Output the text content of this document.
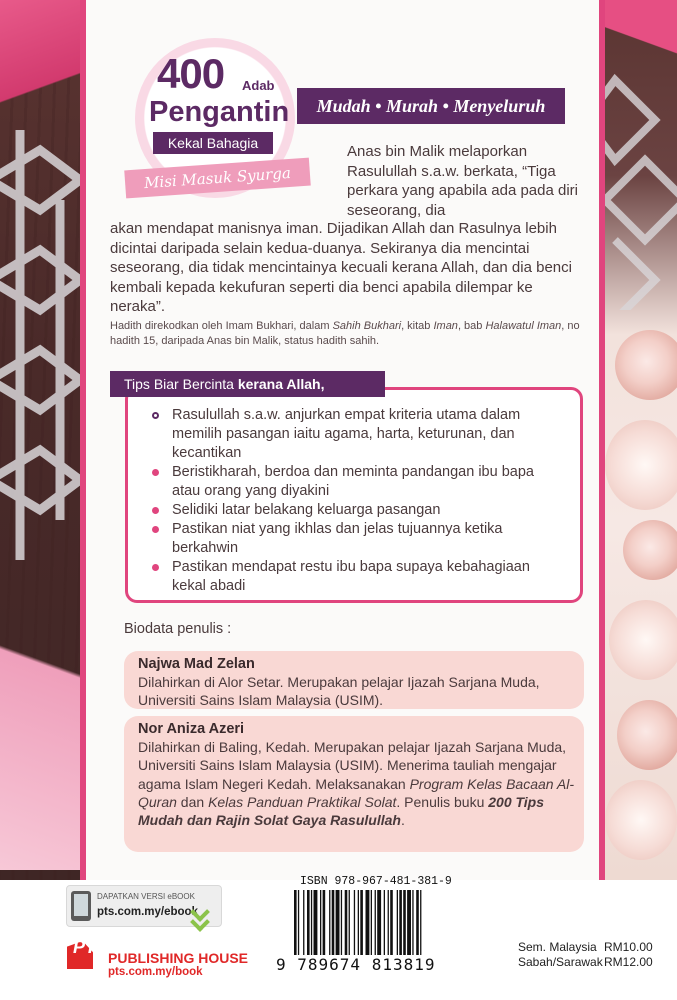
400 Adab
Pengantin
Kekal Bahagia
Misi Masuk Syurga
Mudah • Murah • Menyeluruh
Anas bin Malik melaporkan Rasulullah s.a.w. berkata, “Tiga perkara yang apabila ada pada diri seseorang, dia
akan mendapat manisnya iman. Dijadikan Allah dan Rasulnya lebih dicintai daripada selain kedua-duanya. Sekiranya dia mencintai seseorang, dia tidak mencintainya kecuali kerana Allah, dan dia benci kembali kepada kekufuran seperti dia benci apabila dilempar ke neraka”.
Hadith direkodkan oleh Imam Bukhari, dalam Sahih Bukhari, kitab Iman, bab Halawatul Iman, no hadith 15, daripada Anas bin Malik, status hadith sahih.
Tips Biar Bercinta kerana Allah,
Rasulullah s.a.w. anjurkan empat kriteria utama dalam memilih pasangan iaitu agama, harta, keturunan, dan kecantikan
Beristikharah, berdoa dan meminta pandangan ibu bapa atau orang yang diyakini
Selidiki latar belakang keluarga pasangan
Pastikan niat yang ikhlas dan jelas tujuannya ketika berkahwin
Pastikan mendapat restu ibu bapa supaya kebahagiaan kekal abadi
Biodata penulis :
Najwa Mad Zelan
Dilahirkan di Alor Setar. Merupakan pelajar Ijazah Sarjana Muda, Universiti Sains Islam Malaysia (USIM).
Nor Aniza Azeri
Dilahirkan di Baling, Kedah. Merupakan pelajar Ijazah Sarjana Muda, Universiti Sains Islam Malaysia (USIM). Menerima tauliah mengajar agama Islam Negeri Kedah. Melaksanakan Program Kelas Bacaan Al-Quran dan Kelas Panduan Praktikal Solat. Penulis buku 200 Tips Mudah dan Rajin Solat Gaya Rasulullah.
DAPATKAN VERSI eBOOK
pts.com.my/ebook
PTS
PUBLISHING HOUSE
pts.com.my/book
ISBN 978-967-481-381-9
9 789674 813819
Sem. Malaysia RM10.00
Sabah/Sarawak RM12.00
